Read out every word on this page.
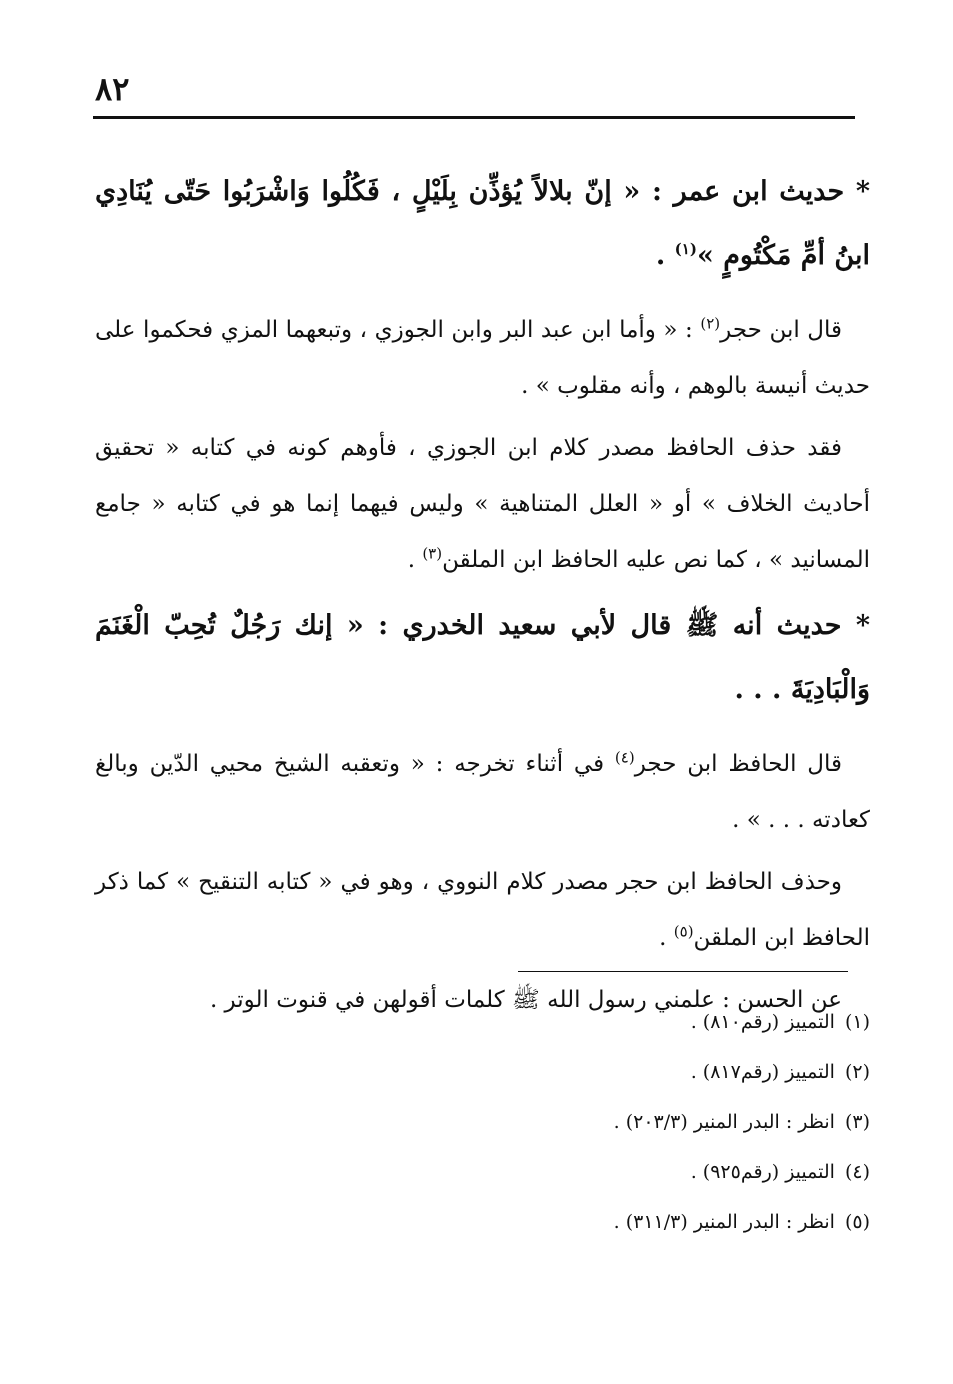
٨٢

* حديث ابن عمر : « إنّ بلالاً يُؤذِّن بِلَيْلٍ ، فَكُلُوا وَاشْرَبُوا حَتّى يُنَادِي ابنُ أمِّ مَكْتُومٍ »$^{(١)}$ .

قال ابن حجر$^{(٢)}$ : « وأما ابن عبد البر وابن الجوزي ، وتبعهما المزي فحكموا على حديث أنيسة بالوهم ، وأنه مقلوب » .

فقد حذف الحافظ مصدر كلام ابن الجوزي ، فأوهم كونه في كتابه « تحقيق أحاديث الخلاف » أو « العلل المتناهية » وليس فيهما إنما هو في كتابه « جامع المسانيد » ، كما نص عليه الحافظ ابن الملقن$^{(٣)}$ .

* حديث أنه ﷺ قال لأبي سعيد الخدري : « إنك رَجُلٌ تُحِبّ الْغَنَمَ وَالْبَادِيَةَ . . .

قال الحافظ ابن حجر$^{(٤)}$ في أثناء تخرجه : « وتعقبه الشيخ محيي الدّين وبالغ كعادته . . . » .

وحذف الحافظ ابن حجر مصدر كلام النووي ، وهو في « كتابه التنقيح » كما ذكر الحافظ ابن الملقن$^{(٥)}$ .

عن الحسن : علمني رسول الله ﷺ كلمات أقولهن في قنوت الوتر .

(١)التمييز (رقم٨١٠) .
(٢)التمييز (رقم٨١٧) .
(٣)انظر : البدر المنير (٢٠٣/٣) .
(٤)التمييز (رقم٩٢٥) .
(٥)انظر : البدر المنير (٣١١/٣) .
